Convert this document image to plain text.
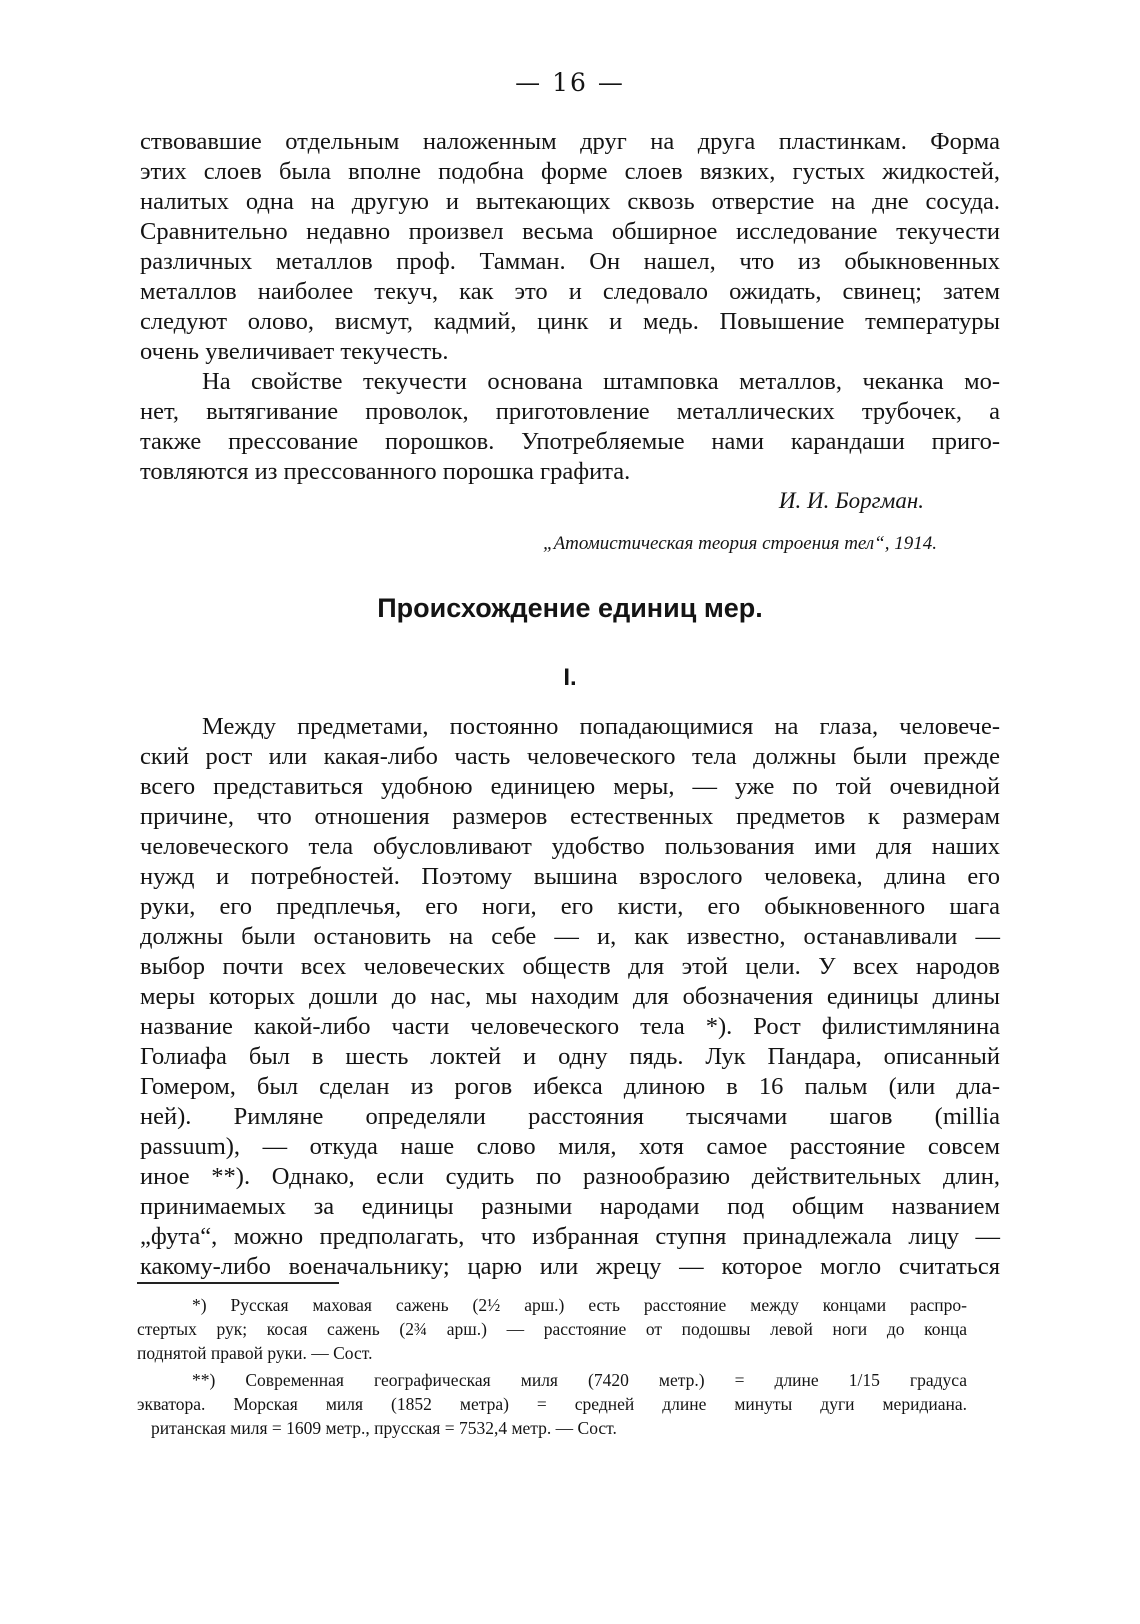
— 16 —
ствовавшие отдельным наложенным друг на друга пластинкам. Форма
этих слоев была вполне подобна форме слоев вязких, густых жидкостей,
налитых одна на другую и вытекающих сквозь отверстие на дне сосуда.
Сравнительно недавно произвел весьма обширное исследование текучести
различных металлов проф. Тамман. Он нашел, что из обыкновенных
металлов наиболее текуч, как это и следовало ожидать, свинец; затем
следуют олово, висмут, кадмий, цинк и медь. Повышение температуры
очень увеличивает текучесть.
На свойстве текучести основана штамповка металлов, чеканка мо-
нет, вытягивание проволок, приготовление металлических трубочек, а
также прессование порошков. Употребляемые нами карандаши приго-
товляются из прессованного порошка графита.
И. И. Боргман.
„Атомистическая теория строения тел“, 1914.
Происхождение единиц мер.
I.
Между предметами, постоянно попадающимися на глаза, человече-
ский рост или какая-либо часть человеческого тела должны были прежде
всего представиться удобною единицею меры, — уже по той очевидной
причине, что отношения размеров естественных предметов к размерам
человеческого тела обусловливают удобство пользования ими для наших
нужд и потребностей. Поэтому вышина взрослого человека, длина его
руки, его предплечья, его ноги, его кисти, его обыкновенного шага
должны были остановить на себе — и, как известно, останавливали —
выбор почти всех человеческих обществ для этой цели. У всех народов
меры которых дошли до нас, мы находим для обозначения единицы длины
название какой-либо части человеческого тела *). Рост филистимлянина
Голиафа был в шесть локтей и одну пядь. Лук Пандара, описанный
Гомером, был сделан из рогов ибекса длиною в 16 пальм (или дла-
ней). Римляне определяли расстояния тысячами шагов (millia
passuum), — откуда наше слово миля, хотя самое расстояние совсем
иное **). Однако, если судить по разнообразию действительных длин,
принимаемых за единицы разными народами под общим названием
„фута“, можно предполагать, что избранная ступня принадлежала лицу —
какому-либо военачальнику; царю или жрецу — которое могло считаться
*) Русская маховая сажень (2½ арш.) есть расстояние между концами распро-
стертых рук; косая сажень (2¾ арш.) — расстояние от подошвы левой ноги до конца
поднятой правой руки. — Сост.
**) Современная географическая миля (7420 метр.) = длине 1/15 градуса
экватора. Морская миля (1852 метра) = средней длине минуты дуги меридиана.
ританская миля = 1609 метр., прусская = 7532,4 метр. — Сост.
